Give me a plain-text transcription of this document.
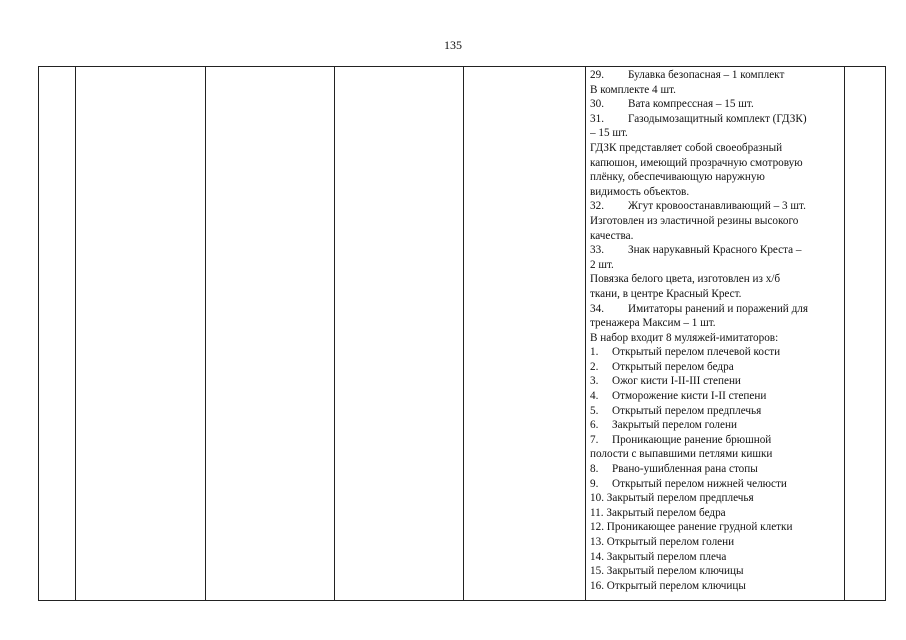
135

29. Булавка безопасная – 1 комплект
В комплекте 4 шт.
30. Вата компрессная – 15 шт.
31. Газодымозащитный комплект (ГДЗК)
– 15 шт.
ГДЗК представляет собой своеобразный
капюшон, имеющий прозрачную смотровую
плёнку, обеспечивающую наружную
видимость объектов.
32. Жгут кровоостанавливающий – 3 шт.
Изготовлен из эластичной резины высокого
качества.
33. Знак нарукавный Красного Креста –
2 шт.
Повязка белого цвета, изготовлен из х/б
ткани, в центре Красный Крест.
34. Имитаторы ранений и поражений для
тренажера Максим – 1 шт.
В набор входит 8 муляжей-имитаторов:
1. Открытый перелом плечевой кости
2. Открытый перелом бедра
3. Ожог кисти I-II-III степени
4. Отморожение кисти I-II степени
5. Открытый перелом предплечья
6. Закрытый перелом голени
7. Проникающие ранение брюшной
полости с выпавшими петлями кишки
8. Рвано-ушибленная рана стопы
9. Открытый перелом нижней челюсти
10. Закрытый перелом предплечья
11. Закрытый перелом бедра
12. Проникающее ранение грудной клетки
13. Открытый перелом голени
14. Закрытый перелом плеча
15. Закрытый перелом ключицы
16. Открытый перелом ключицы
